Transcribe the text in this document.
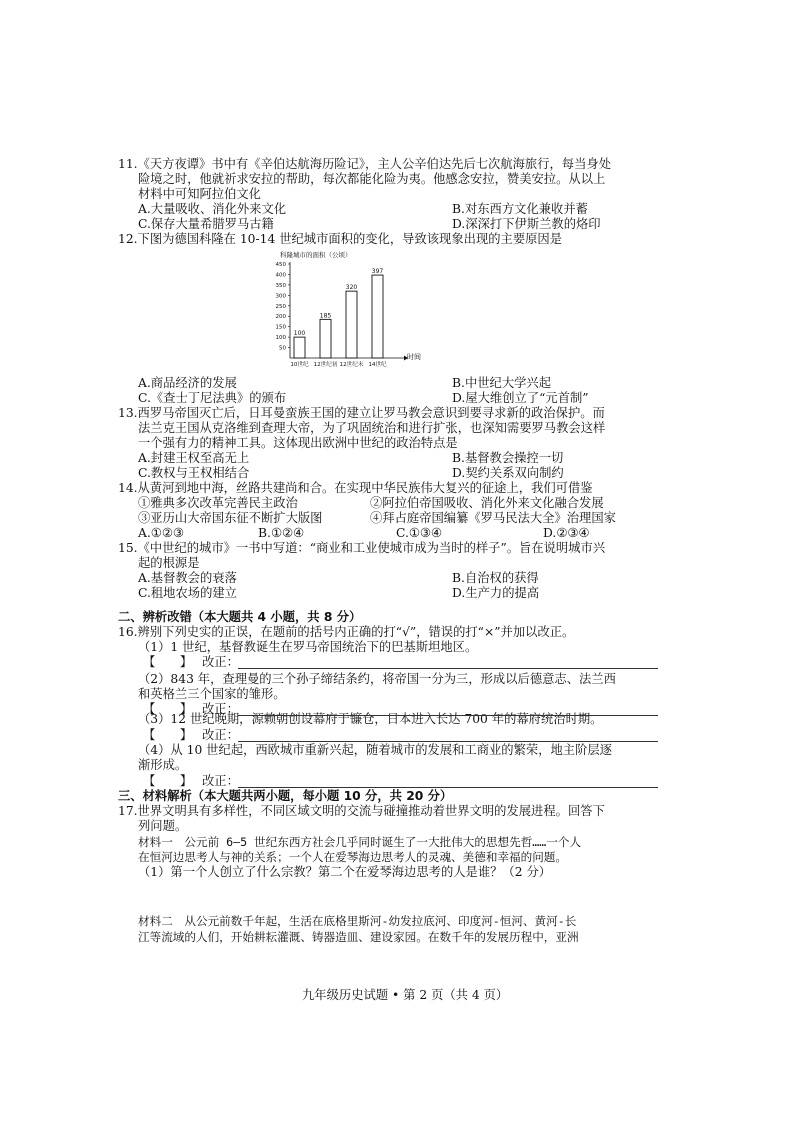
11.《天方夜谭》书中有《辛伯达航海历险记》，主人公辛伯达先后七次航海旅行，每当身处
险境之时，他就祈求安拉的帮助，每次都能化险为夷。他感念安拉，赞美安拉。从以上
材料中可知阿拉伯文化
A.大量吸收、消化外来文化	B.对东西方文化兼收并蓄
C.保存大量希腊罗马古籍	D.深深打下伊斯兰教的烙印
12.下图为德国科隆在 10-14 世纪城市面积的变化，导致该现象出现的主要原因是
A.商品经济的发展	B.中世纪大学兴起
C.《查士丁尼法典》的颁布	D.屋大维创立了“元首制”
13.西罗马帝国灭亡后，日耳曼蛮族王国的建立让罗马教会意识到要寻求新的政治保护。而
法兰克王国从克洛维到查理大帝，为了巩固统治和进行扩张，也深知需要罗马教会这样
一个强有力的精神工具。这体现出欧洲中世纪的政治特点是
A.封建王权至高无上	B.基督教会操控一切
C.教权与王权相结合	D.契约关系双向制约
14.从黄河到地中海，丝路共建尚和合。在实现中华民族伟大复兴的征途上，我们可借鉴
①雅典多次改革完善民主政治	②阿拉伯帝国吸收、消化外来文化融合发展
③亚历山大帝国东征不断扩大版图	④拜占庭帝国编纂《罗马民法大全》治理国家
A.①②③	B.①②④	C.①③④	D.②③④
15.《中世纪的城市》一书中写道：“商业和工业使城市成为当时的样子”。旨在说明城市兴
起的根源是
A.基督教会的衰落	B.自治权的获得
C.租地农场的建立	D.生产力的提高
二、辨析改错（本大题共 4 小题，共 8 分）
16.辨别下列史实的正误，在题前的括号内正确的打“√”，错误的打“×”并加以改正。
（1）1 世纪，基督教诞生在罗马帝国统治下的巴基斯坦地区。
（2）843 年，查理曼的三个孙子缔结条约，将帝国一分为三，形成以后德意志、法兰西
和英格兰三个国家的雏形。
（3）12 世纪晚期，源赖朝创设幕府于镰仓，日本进入长达 700 年的幕府统治时期。
（4）从 10 世纪起，西欧城市重新兴起，随着城市的发展和工商业的繁荣，地主阶层逐
渐形成。
三、材料解析（本大题共两小题，每小题 10 分，共 20 分）
17.世界文明具有多样性，不同区域文明的交流与碰撞推动着世界文明的发展进程。回答下
列问题。
材料一　公元前 6—5 世纪东西方社会几乎同时诞生了一大批伟大的思想先哲……一个人
在恒河边思考人与神的关系；一个人在爱琴海边思考人的灵魂、美德和幸福的问题。
（1）第一个人创立了什么宗教？第二个在爱琴海边思考的人是谁？（2 分）
材料二　从公元前数千年起，生活在底格里斯河-幼发拉底河、印度河-恒河、黄河-长
江等流域的人们，开始耕耘灌溉、铸器造皿、建设家园。在数千年的发展历程中，亚洲
九年级历史试题 • 第 2 页（共 4 页）
【　　】 改正：
【　　】 改正：
【　　】 改正：
【　　】 改正：
科隆城市的面积（公顷）
50
100
150
200
250
300
350
400
450
100
10世纪
185
12世纪初
320
12世纪末
397
14世纪
时间
